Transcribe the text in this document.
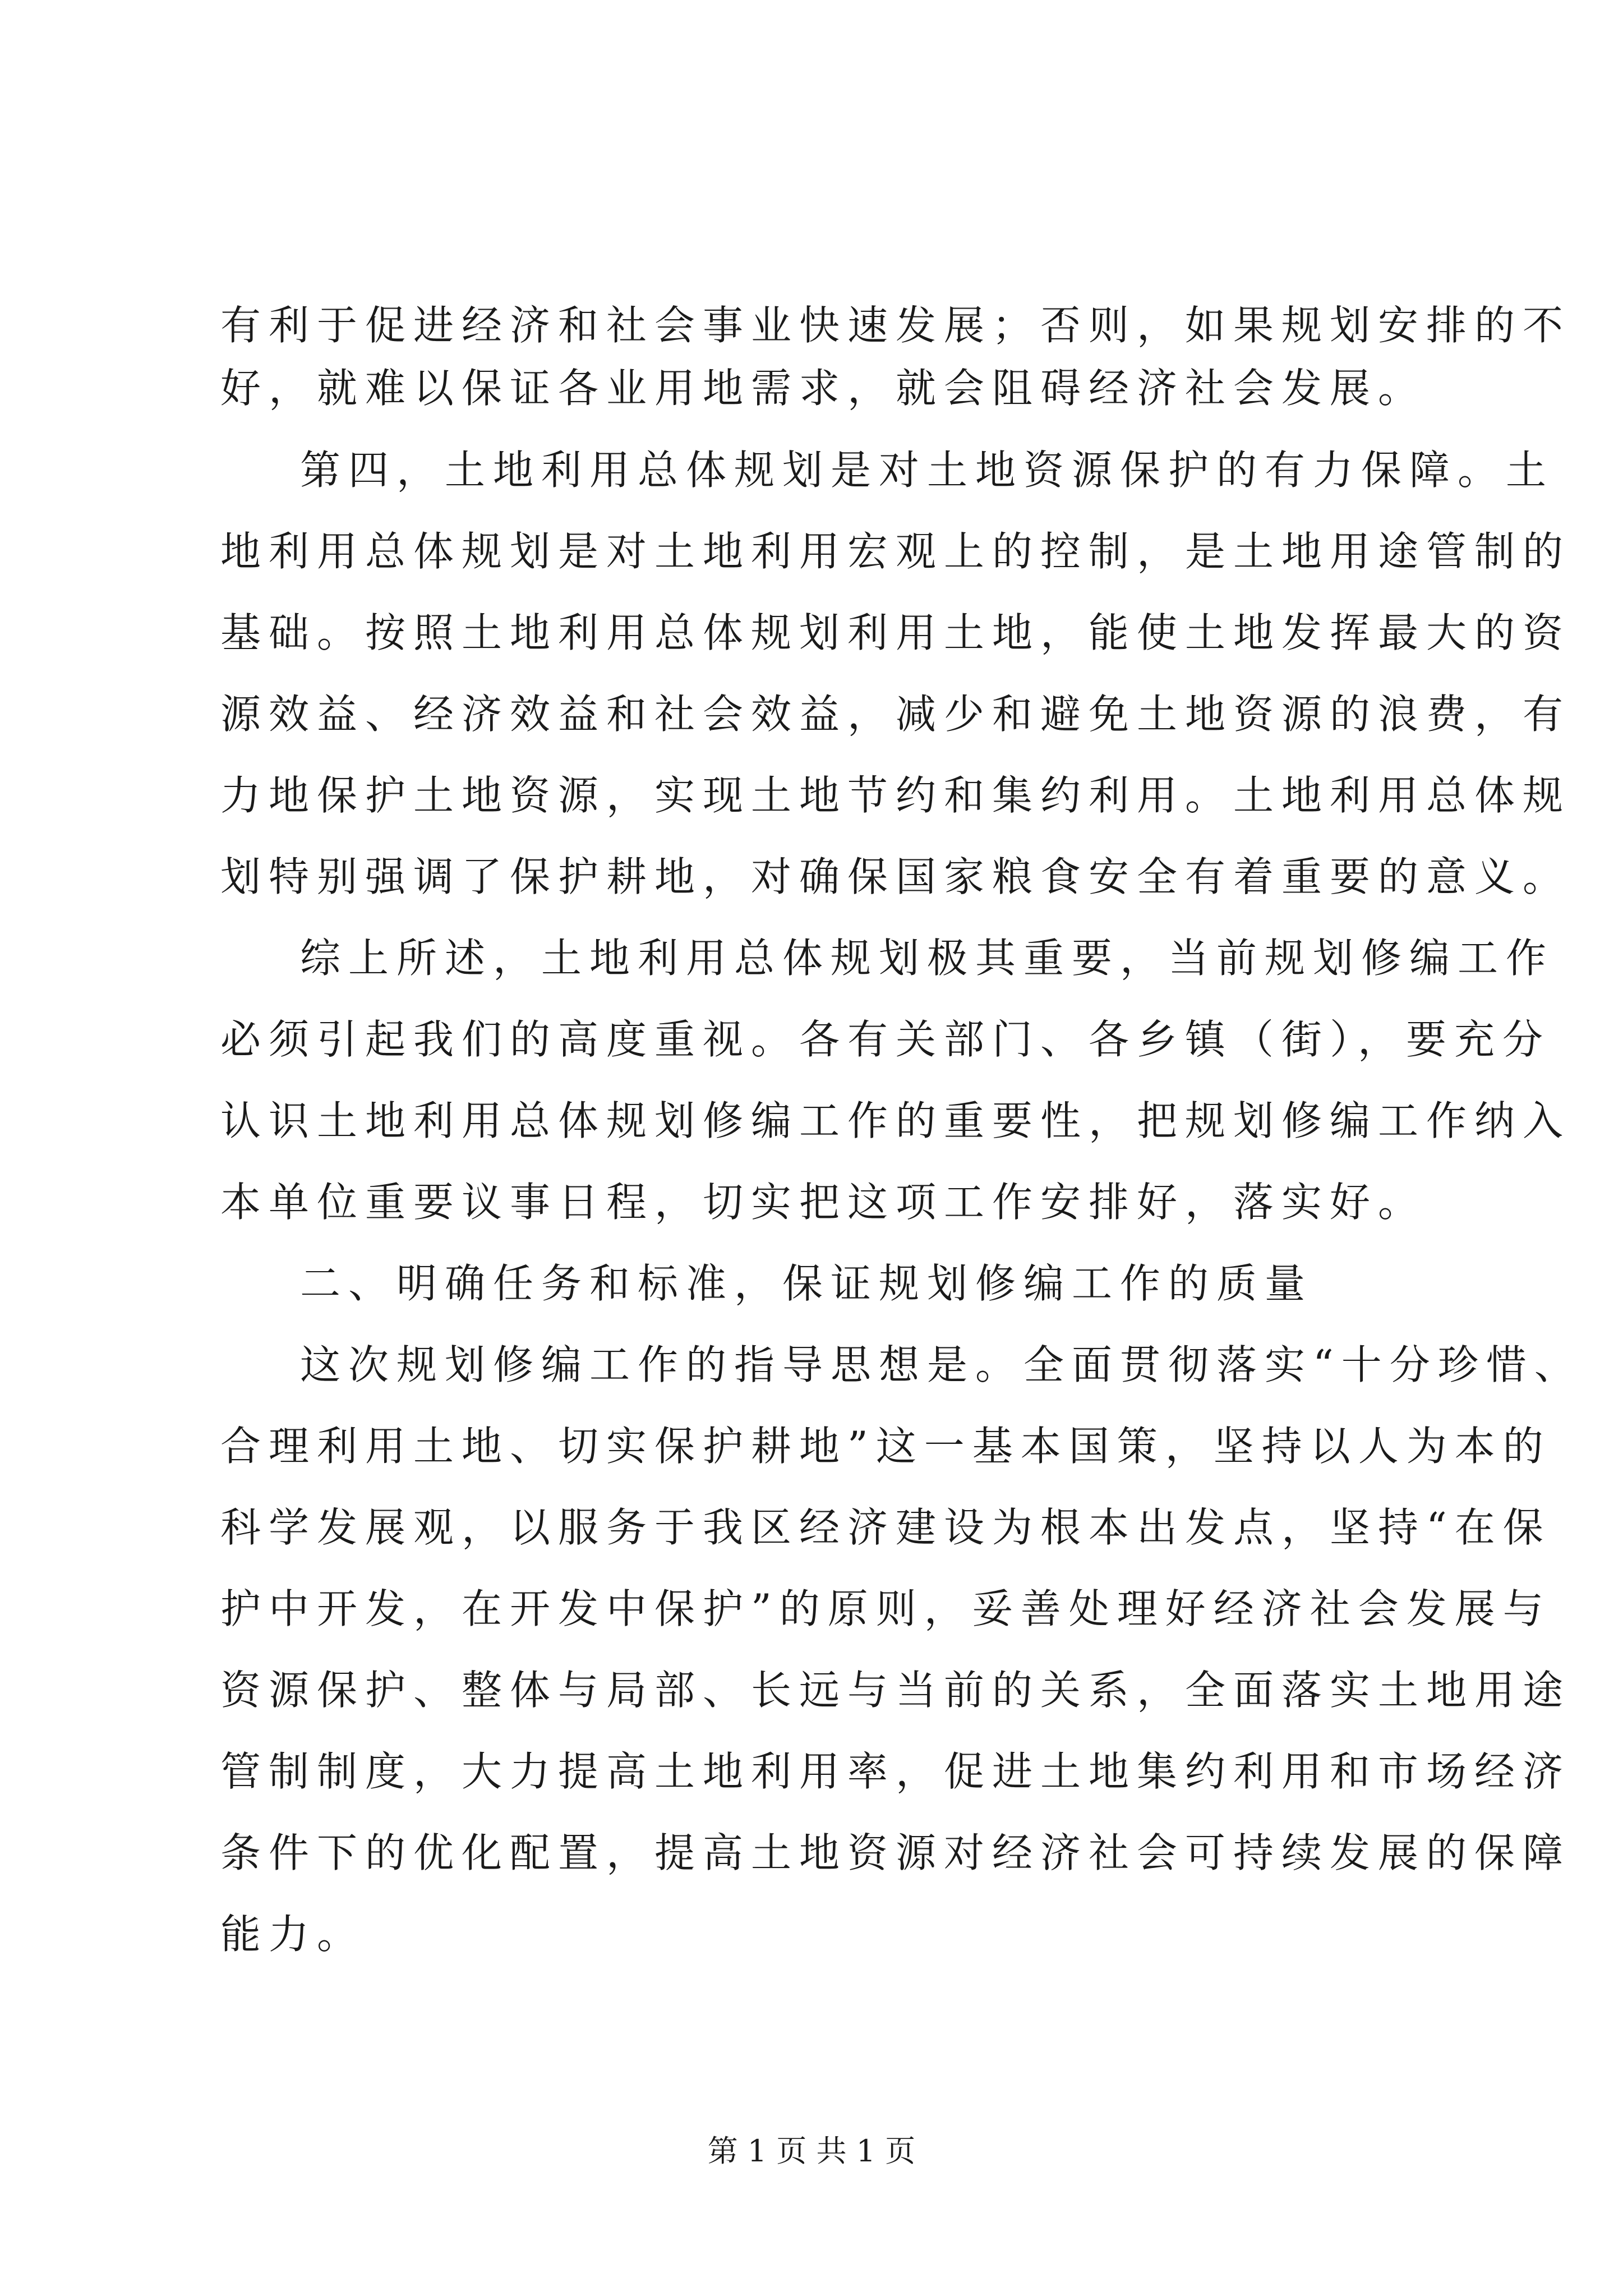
有利于促进经济和社会事业快速发展；否则，如果规划安排的不
好，就难以保证各业用地需求，就会阻碍经济社会发展。
第四，土地利用总体规划是对土地资源保护的有力保障。土
地利用总体规划是对土地利用宏观上的控制，是土地用途管制的
基础。按照土地利用总体规划利用土地，能使土地发挥最大的资
源效益、经济效益和社会效益，减少和避免土地资源的浪费，有
力地保护土地资源，实现土地节约和集约利用。土地利用总体规
划特别强调了保护耕地，对确保国家粮食安全有着重要的意义。
综上所述，土地利用总体规划极其重要，当前规划修编工作
必须引起我们的高度重视。各有关部门、各乡镇（街），要充分
认识土地利用总体规划修编工作的重要性，把规划修编工作纳入
本单位重要议事日程，切实把这项工作安排好，落实好。
二、明确任务和标准，保证规划修编工作的质量
这次规划修编工作的指导思想是。全面贯彻落实“十分珍惜、
合理利用土地、切实保护耕地”这一基本国策，坚持以人为本的
科学发展观，以服务于我区经济建设为根本出发点，坚持“在保
护中开发，在开发中保护”的原则，妥善处理好经济社会发展与
资源保护、整体与局部、长远与当前的关系，全面落实土地用途
管制制度，大力提高土地利用率，促进土地集约利用和市场经济
条件下的优化配置，提高土地资源对经济社会可持续发展的保障
能力。
第 1 页 共 1 页
